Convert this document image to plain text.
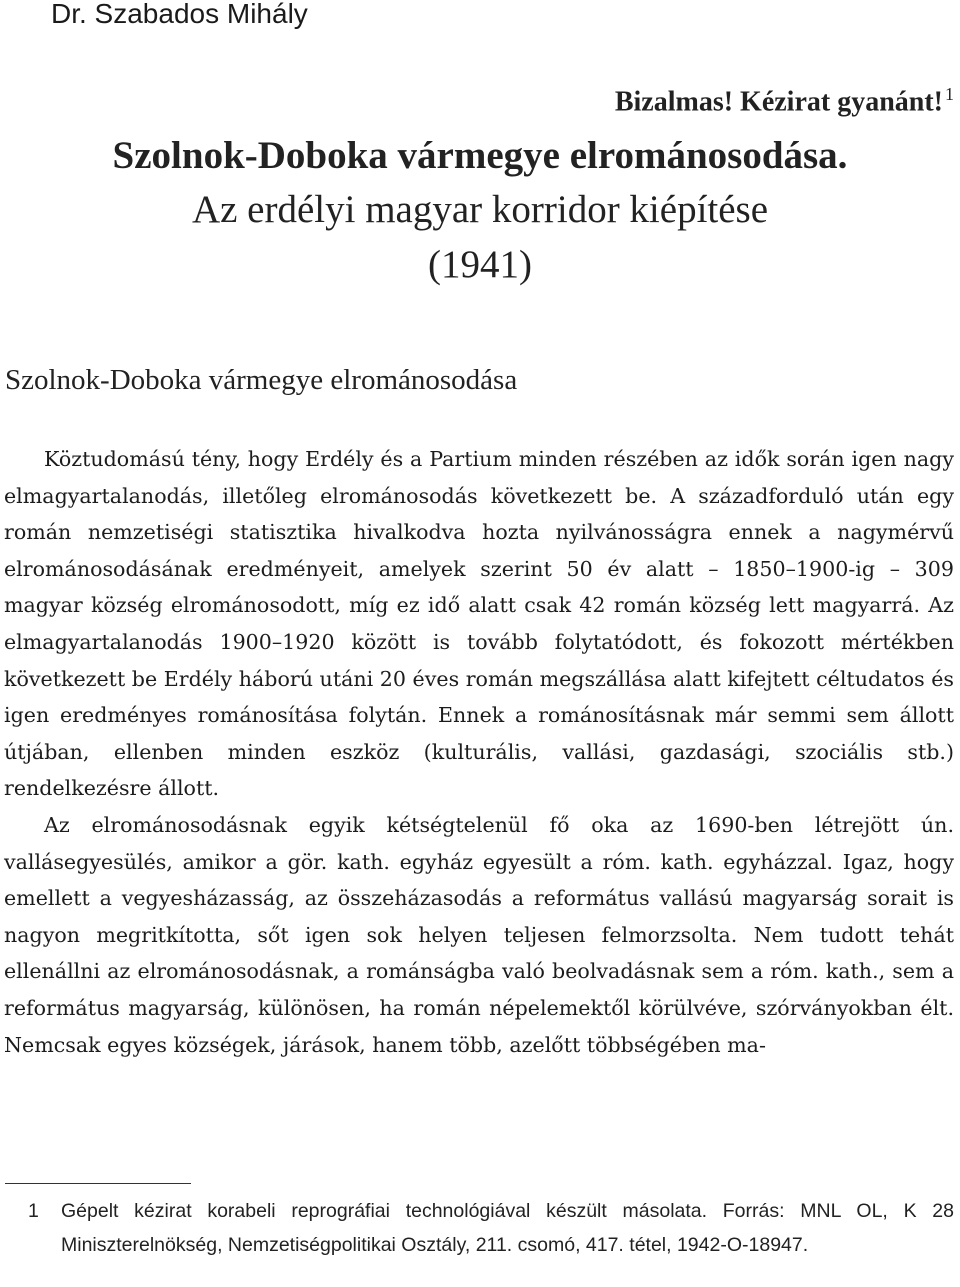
Dr. Szabados Mihály
Bizalmas! Kézirat gyanánt! $^1$
Szolnok-Doboka vármegye elrománosodása.
Az erdélyi magyar korridor kiépítése
(1941)
Szolnok-Doboka vármegye elrománosodása

Köztudomású tény, hogy Erdély és a Partium minden részében az idők során igen nagy elmagyartalanodás, illetőleg elrománosodás következett be. A századforduló után egy román nemzetiségi statisztika hivalkodva hozta nyilvánosságra ennek a nagymérvű elrománosodásának eredményeit, amelyek szerint 50 év alatt – 1850–1900-ig – 309 magyar község elrománosodott, míg ez idő alatt csak 42 román község lett magyarrá. Az elmagyartalanodás 1900–1920 között is tovább folytatódott, és fokozott mértékben következett be Erdély háború utáni 20 éves román megszállása alatt kifejtett céltudatos és igen eredményes románosítása folytán. Ennek a románosításnak már semmi sem állott útjában, ellenben minden eszköz (kulturális, vallási, gazdasági, szociális stb.) rendelkezésre állott.

Az elrománosodásnak egyik kétségtelenül fő oka az 1690-ben létrejött ún. vallásegyesülés, amikor a gör. kath. egyház egyesült a róm. kath. egyházzal. Igaz, hogy emellett a vegyesházasság, az összeházasodás a református vallású magyarság sorait is nagyon megritkította, sőt igen sok helyen teljesen felmorzsolta. Nem tudott tehát ellenállni az elrománosodásnak, a románságba való beolvadásnak sem a róm. kath., sem a református magyarság, különösen, ha román népelemektől körülvéve, szórványokban élt. Nemcsak egyes községek, járások, hanem több, azelőtt többségében ma-

1 Gépelt kézirat korabeli reprográfiai technológiával készült másolata. Forrás: MNL OL, K 28 Miniszterelnökség, Nemzetiségpolitikai Osztály, 211. csomó, 417. tétel, 1942-O-18947.
